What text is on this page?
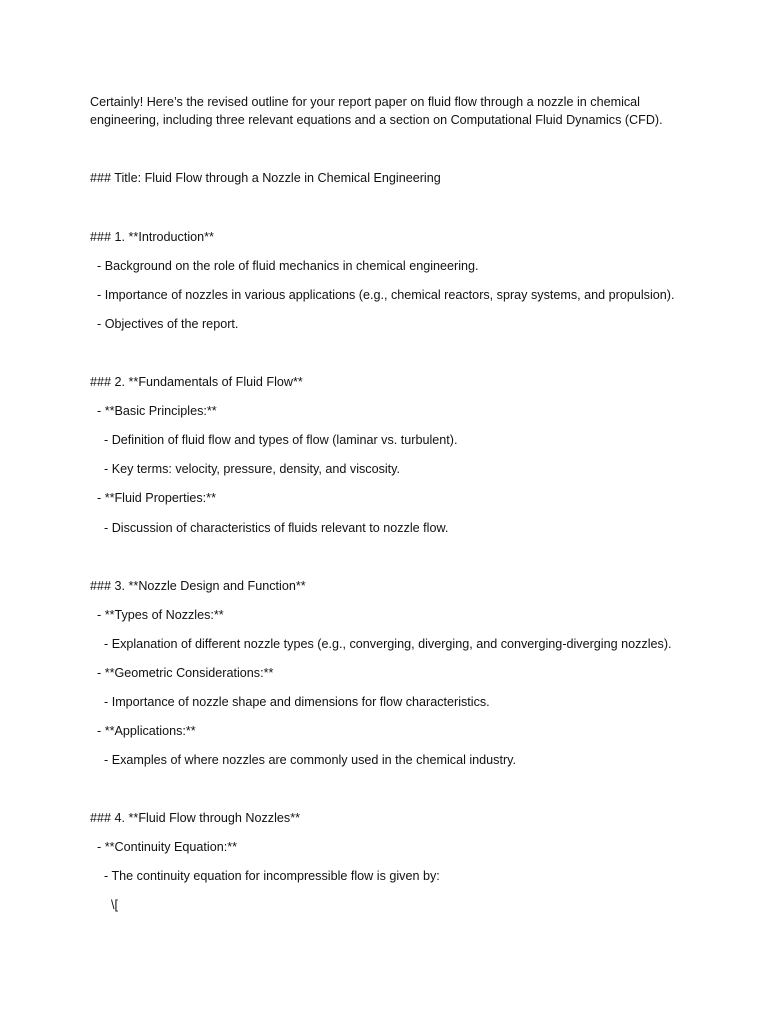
Certainly! Here’s the revised outline for your report paper on fluid flow through a nozzle in chemical
engineering, including three relevant equations and a section on Computational Fluid Dynamics (CFD).
### Title: Fluid Flow through a Nozzle in Chemical Engineering
### 1. **Introduction**
- Background on the role of fluid mechanics in chemical engineering.
- Importance of nozzles in various applications (e.g., chemical reactors, spray systems, and propulsion).
- Objectives of the report.
### 2. **Fundamentals of Fluid Flow**
- **Basic Principles:**
- Definition of fluid flow and types of flow (laminar vs. turbulent).
- Key terms: velocity, pressure, density, and viscosity.
- **Fluid Properties:**
- Discussion of characteristics of fluids relevant to nozzle flow.
### 3. **Nozzle Design and Function**
- **Types of Nozzles:**
- Explanation of different nozzle types (e.g., converging, diverging, and converging-diverging nozzles).
- **Geometric Considerations:**
- Importance of nozzle shape and dimensions for flow characteristics.
- **Applications:**
- Examples of where nozzles are commonly used in the chemical industry.
### 4. **Fluid Flow through Nozzles**
- **Continuity Equation:**
- The continuity equation for incompressible flow is given by:
\[
